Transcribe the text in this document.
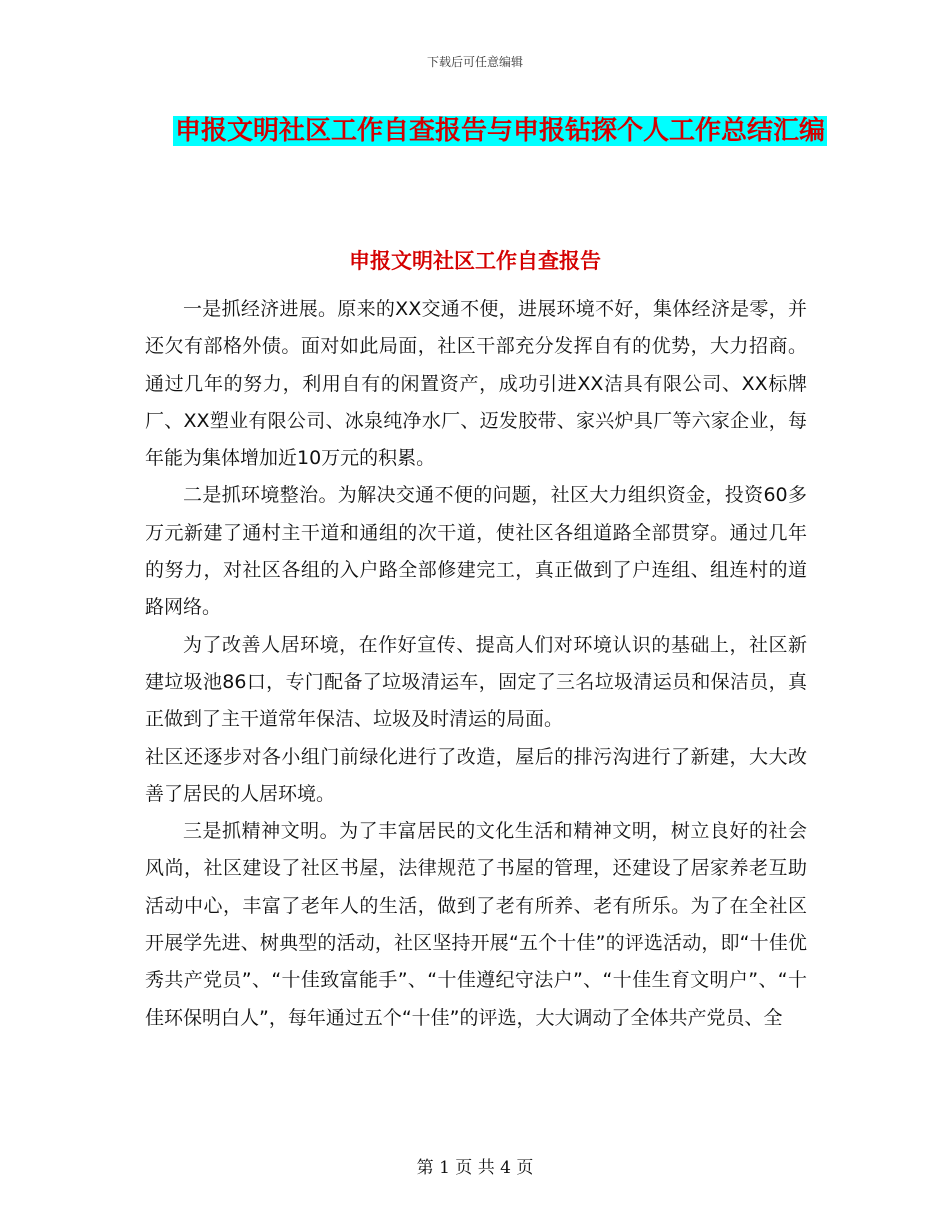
下载后可任意编辑
申报文明社区工作自查报告与申报钻探个人工作总结汇编
申报文明社区工作自查报告

一是抓经济进展。原来的XX交通不便，进展环境不好，集体经济是零，并还欠有部格外债。面对如此局面，社区干部充分发挥自有的优势，大力招商。通过几年的努力，利用自有的闲置资产，成功引进XX洁具有限公司、XX标牌厂、XX塑业有限公司、冰泉纯净水厂、迈发胶带、家兴炉具厂等六家企业，每年能为集体增加近10万元的积累。

二是抓环境整治。为解决交通不便的问题，社区大力组织资金，投资60多万元新建了通村主干道和通组的次干道，使社区各组道路全部贯穿。通过几年的努力，对社区各组的入户路全部修建完工，真正做到了户连组、组连村的道路网络。

为了改善人居环境，在作好宣传、提高人们对环境认识的基础上，社区新建垃圾池86口，专门配备了垃圾清运车，固定了三名垃圾清运员和保洁员，真正做到了主干道常年保洁、垃圾及时清运的局面。

社区还逐步对各小组门前绿化进行了改造，屋后的排污沟进行了新建，大大改善了居民的人居环境。

三是抓精神文明。为了丰富居民的文化生活和精神文明，树立良好的社会风尚，社区建设了社区书屋，法律规范了书屋的管理，还建设了居家养老互助活动中心，丰富了老年人的生活，做到了老有所养、老有所乐。为了在全社区开展学先进、树典型的活动，社区坚持开展“五个十佳”的评选活动，即“十佳优秀共产党员”、“十佳致富能手”、“十佳遵纪守法户”、“十佳生育文明户”、“十佳环保明白人”，每年通过五个“十佳”的评选，大大调动了全体共产党员、全

第 1 页 共 4 页
